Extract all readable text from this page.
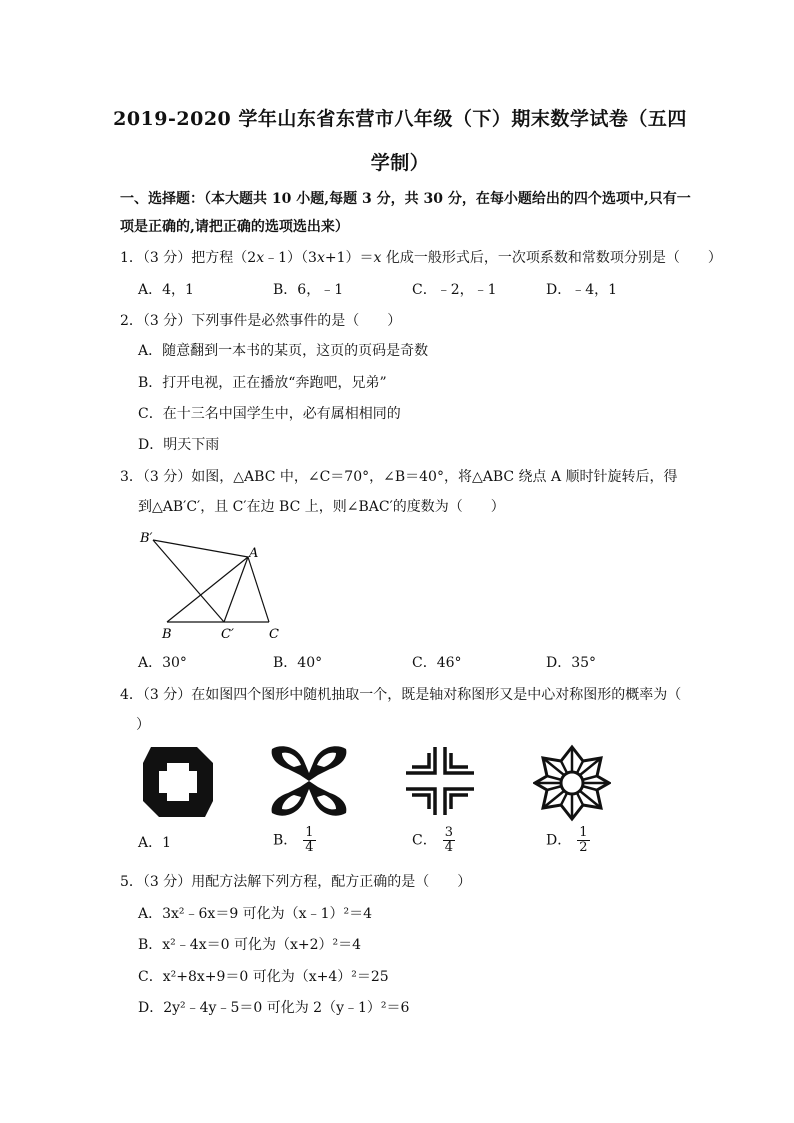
2019-2020 学年山东省东营市八年级（下）期末数学试卷（五四
学制）
一、选择题：（本大题共 10 小题,每题 3 分，共 30 分，在每小题给出的四个选项中,只有一
项是正确的,请把正确的选项选出来）
1．（3 分）把方程（2x﹣1）（3x+1）＝x 化成一般形式后，一次项系数和常数项分别是（　　）
A．4，1	B．6，﹣1	C．﹣2，﹣1	D．﹣4，1
2．（3 分）下列事件是必然事件的是（　　）
A．随意翻到一本书的某页，这页的页码是奇数
B．打开电视，正在播放“奔跑吧，兄弟”
C．在十三名中国学生中，必有属相相同的
D．明天下雨
3．（3 分）如图，△ABC 中，∠C＝70°，∠B＝40°，将△ABC 绕点 A 顺时针旋转后，得
到△AB′C′，且 C′在边 BC 上，则∠BAC′的度数为（　　）
B′
A
B	C′	C
A．30°	B．40°	C．46°	D．35°
4．（3 分）在如图四个图形中随机抽取一个，既是轴对称图形又是中心对称图形的概率为（
）
A．1	B． $\frac{1}{4}$	C． $\frac{3}{4}$	D． $\frac{1}{2}$
5．（3 分）用配方法解下列方程，配方正确的是（　　）
A．3x²﹣6x＝9 可化为（x﹣1）²＝4
B．x²﹣4x＝0 可化为（x+2）²＝4
C．x²+8x+9＝0 可化为（x+4）²＝25
D．2y²﹣4y﹣5＝0 可化为 2（y﹣1）²＝6
